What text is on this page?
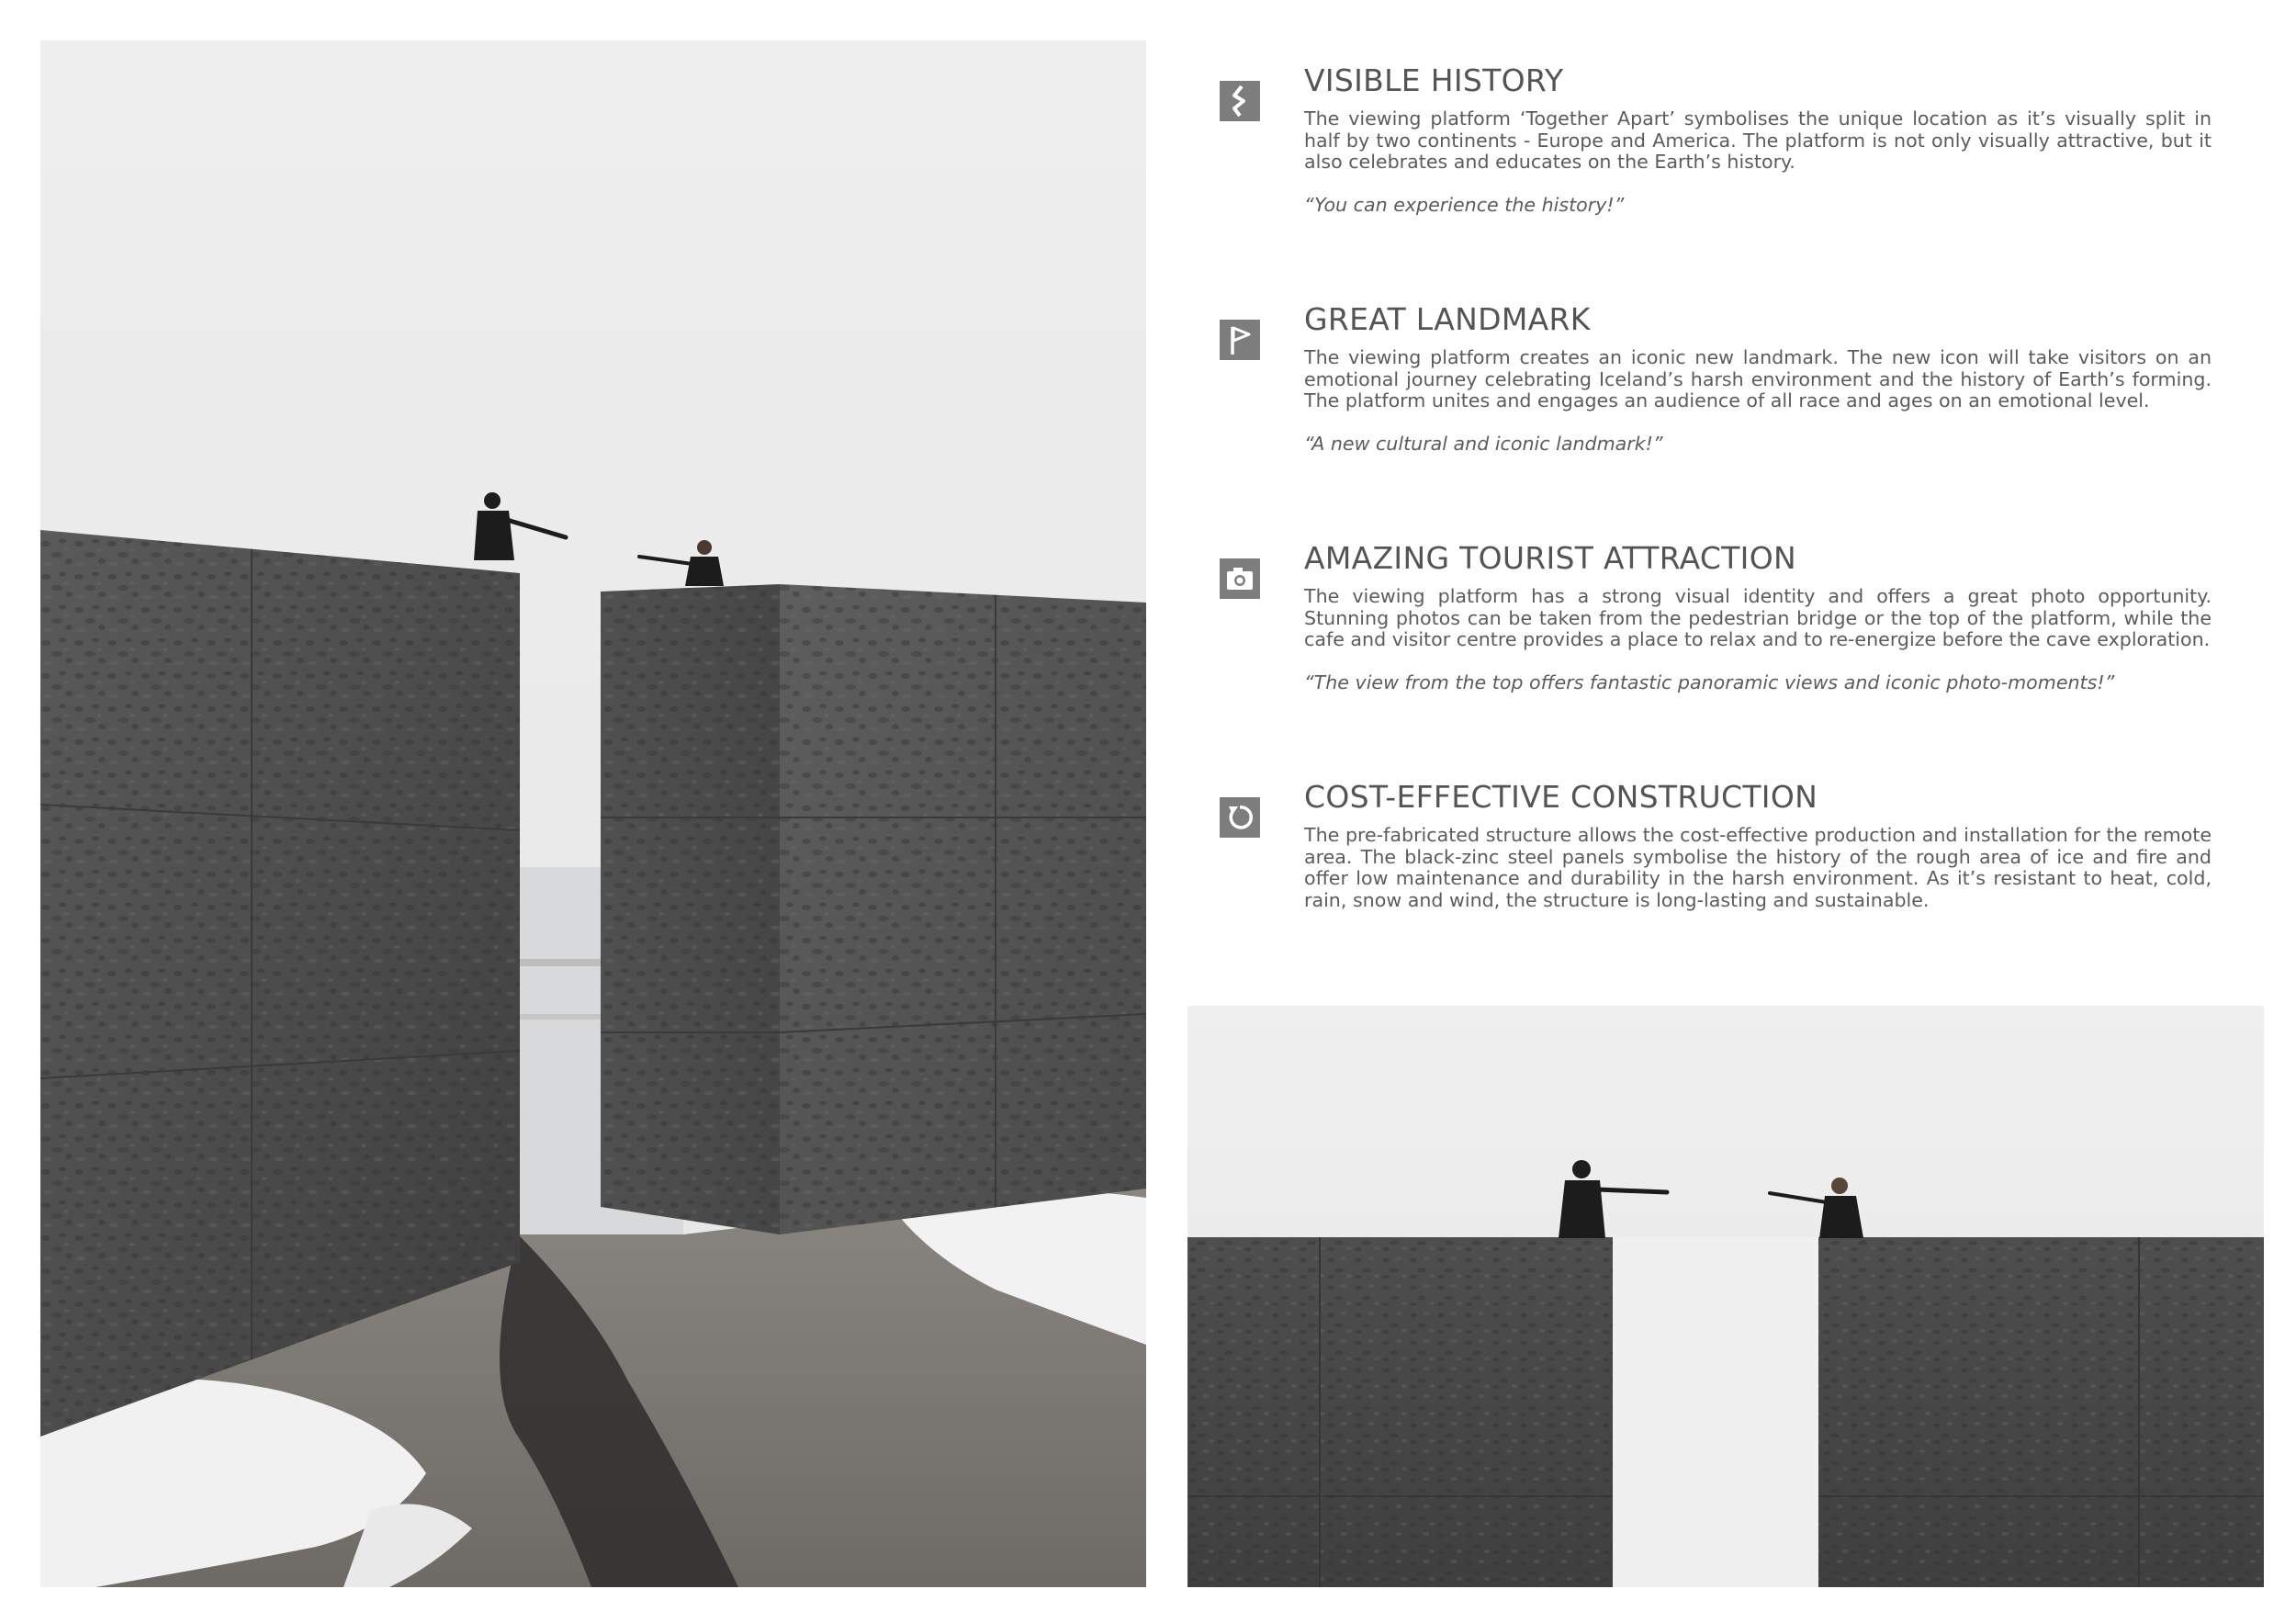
VISIBLE HISTORY

The viewing platform ‘Together Apart’ symbolises the unique location as it’s visually split in half by two continents - Europe and America. The platform is not only visually attractive, but it also celebrates and educates on the Earth’s history.

“You can experience the history!”

GREAT LANDMARK

The viewing platform creates an iconic new landmark. The new icon will take visitors on an emotional journey celebrating Iceland’s harsh environment and the history of Earth’s forming. The platform unites and engages an audience of all race and ages on an emotional level.

“A new cultural and iconic landmark!”

AMAZING TOURIST ATTRACTION

The viewing platform has a strong visual identity and offers a great photo opportunity. Stunning photos can be taken from the pedestrian bridge or the top of the platform, while the cafe and visitor centre provides a place to relax and to re-energize before the cave exploration.

“The view from the top offers fantastic panoramic views and iconic photo-moments!”

COST-EFFECTIVE CONSTRUCTION

The pre-fabricated structure allows the cost-effective production and installation for the remote area. The black-zinc steel panels symbolise the history of the rough area of ice and fire and offer low maintenance and durability in the harsh environment. As it’s resistant to heat, cold, rain, snow and wind, the structure is long-lasting and sustainable.
